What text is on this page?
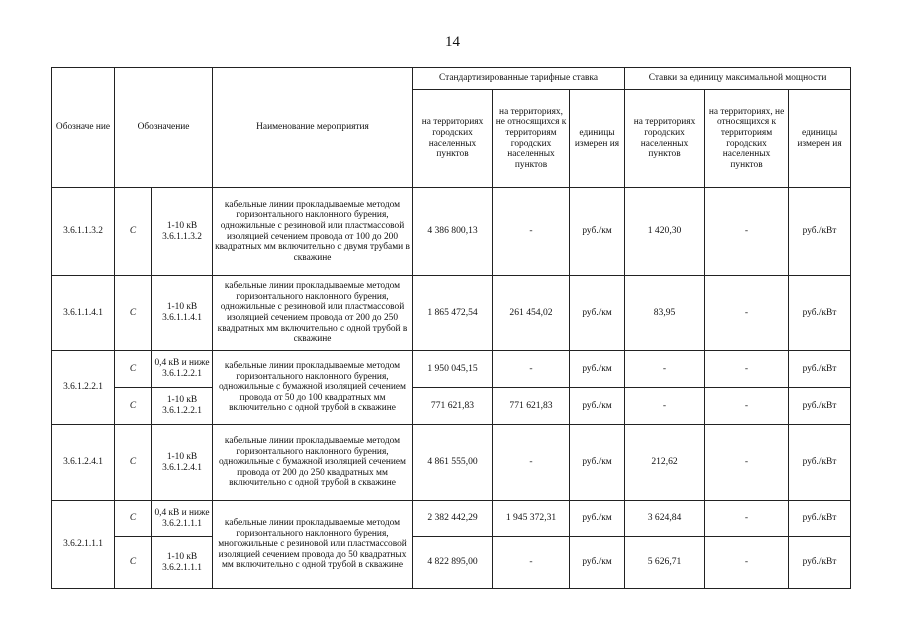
14
Обозначе ние	Обозначение		Наименование мероприятия	Стандартизированные тарифные ставка			Ставки за единицу максимальной мощности		
				на территориях городских населенных пунктов	на территориях, не относящихся к территориям городских населенных пунктов	единицы измерен ия	на территориях городских населенных пунктов	на территориях, не относящихся к территориям городских населенных пунктов	единицы измерен ия
3.6.1.1.3.2	С	1-10 кВ 3.6.1.1.3.2	кабельные линии прокладываемые методом горизонтального наклонного бурения, одножильные с резиновой или пластмассовой изоляцией сечением провода от 100 до 200 квадратных мм включительно с двумя трубами в скважине	4 386 800,13	-	руб./км	1 420,30	-	руб./кВт
3.6.1.1.4.1	С	1-10 кВ 3.6.1.1.4.1	кабельные линии прокладываемые методом горизонтального наклонного бурения, одножильные с резиновой или пластмассовой изоляцией сечением провода от 200 до 250 квадратных мм включительно с одной трубой в скважине	1 865 472,54	261 454,02	руб./км	83,95	-	руб./кВт
3.6.1.2.2.1	С	0,4 кВ и ниже 3.6.1.2.2.1	кабельные линии прокладываемые методом горизонтального наклонного бурения, одножильные с бумажной изоляцией сечением провода от 50 до 100 квадратных мм включительно с одной трубой в скважине	1 950 045,15	-	руб./км	-	-	руб./кВт
	С	1-10 кВ 3.6.1.2.2.1		771 621,83	771 621,83	руб./км	-	-	руб./кВт
3.6.1.2.4.1	С	1-10 кВ 3.6.1.2.4.1	кабельные линии прокладываемые методом горизонтального наклонного бурения, одножильные с бумажной изоляцией сечением провода от 200 до 250 квадратных мм включительно с одной трубой в скважине	4 861 555,00	-	руб./км	212,62	-	руб./кВт
3.6.2.1.1.1	С	0,4 кВ и ниже 3.6.2.1.1.1	кабельные линии прокладываемые методом горизонтального наклонного бурения, многожильные с резиновой или пластмассовой изоляцией сечением провода до 50 квадратных мм включительно с одной трубой в скважине	2 382 442,29	1 945 372,31	руб./км	3 624,84	-	руб./кВт
	С	1-10 кВ 3.6.2.1.1.1		4 822 895,00	-	руб./км	5 626,71	-	руб./кВт
